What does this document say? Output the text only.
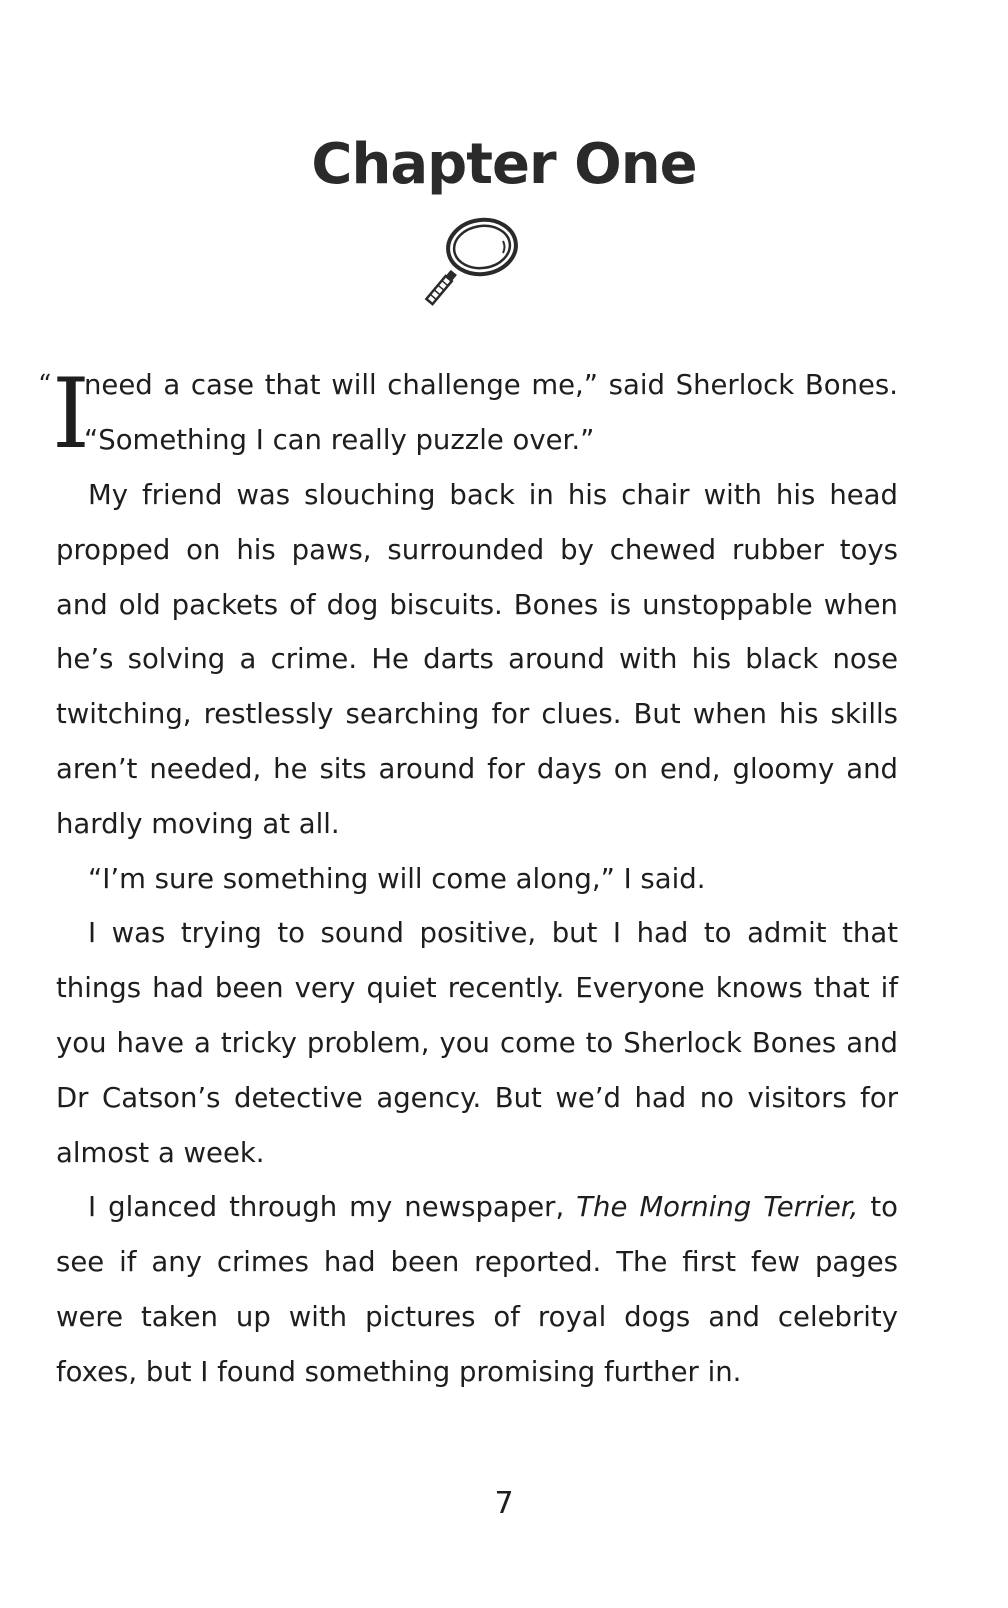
Chapter One
“ I

need a case that will challenge me,” said Sherlock Bones.

“Something I can really puzzle over.”

My friend was slouching back in his chair with his head propped on his paws, surrounded by chewed rubber toys and old packets of dog biscuits. Bones is unstoppable when he’s solving a crime. He darts around with his black nose twitching, restlessly searching for clues. But when his skills aren’t needed, he sits around for days on end, gloomy and hardly moving at all.

“I’m sure something will come along,” I said.

I was trying to sound positive, but I had to admit that things had been very quiet recently. Everyone knows that if you have a tricky problem, you come to Sherlock Bones and Dr Catson’s detective agency. But we’d had no visitors for almost a week.

I glanced through my newspaper, The Morning Terrier, to see if any crimes had been reported. The first few pages were taken up with pictures of royal dogs and celebrity foxes, but I found something promising further in.

7
